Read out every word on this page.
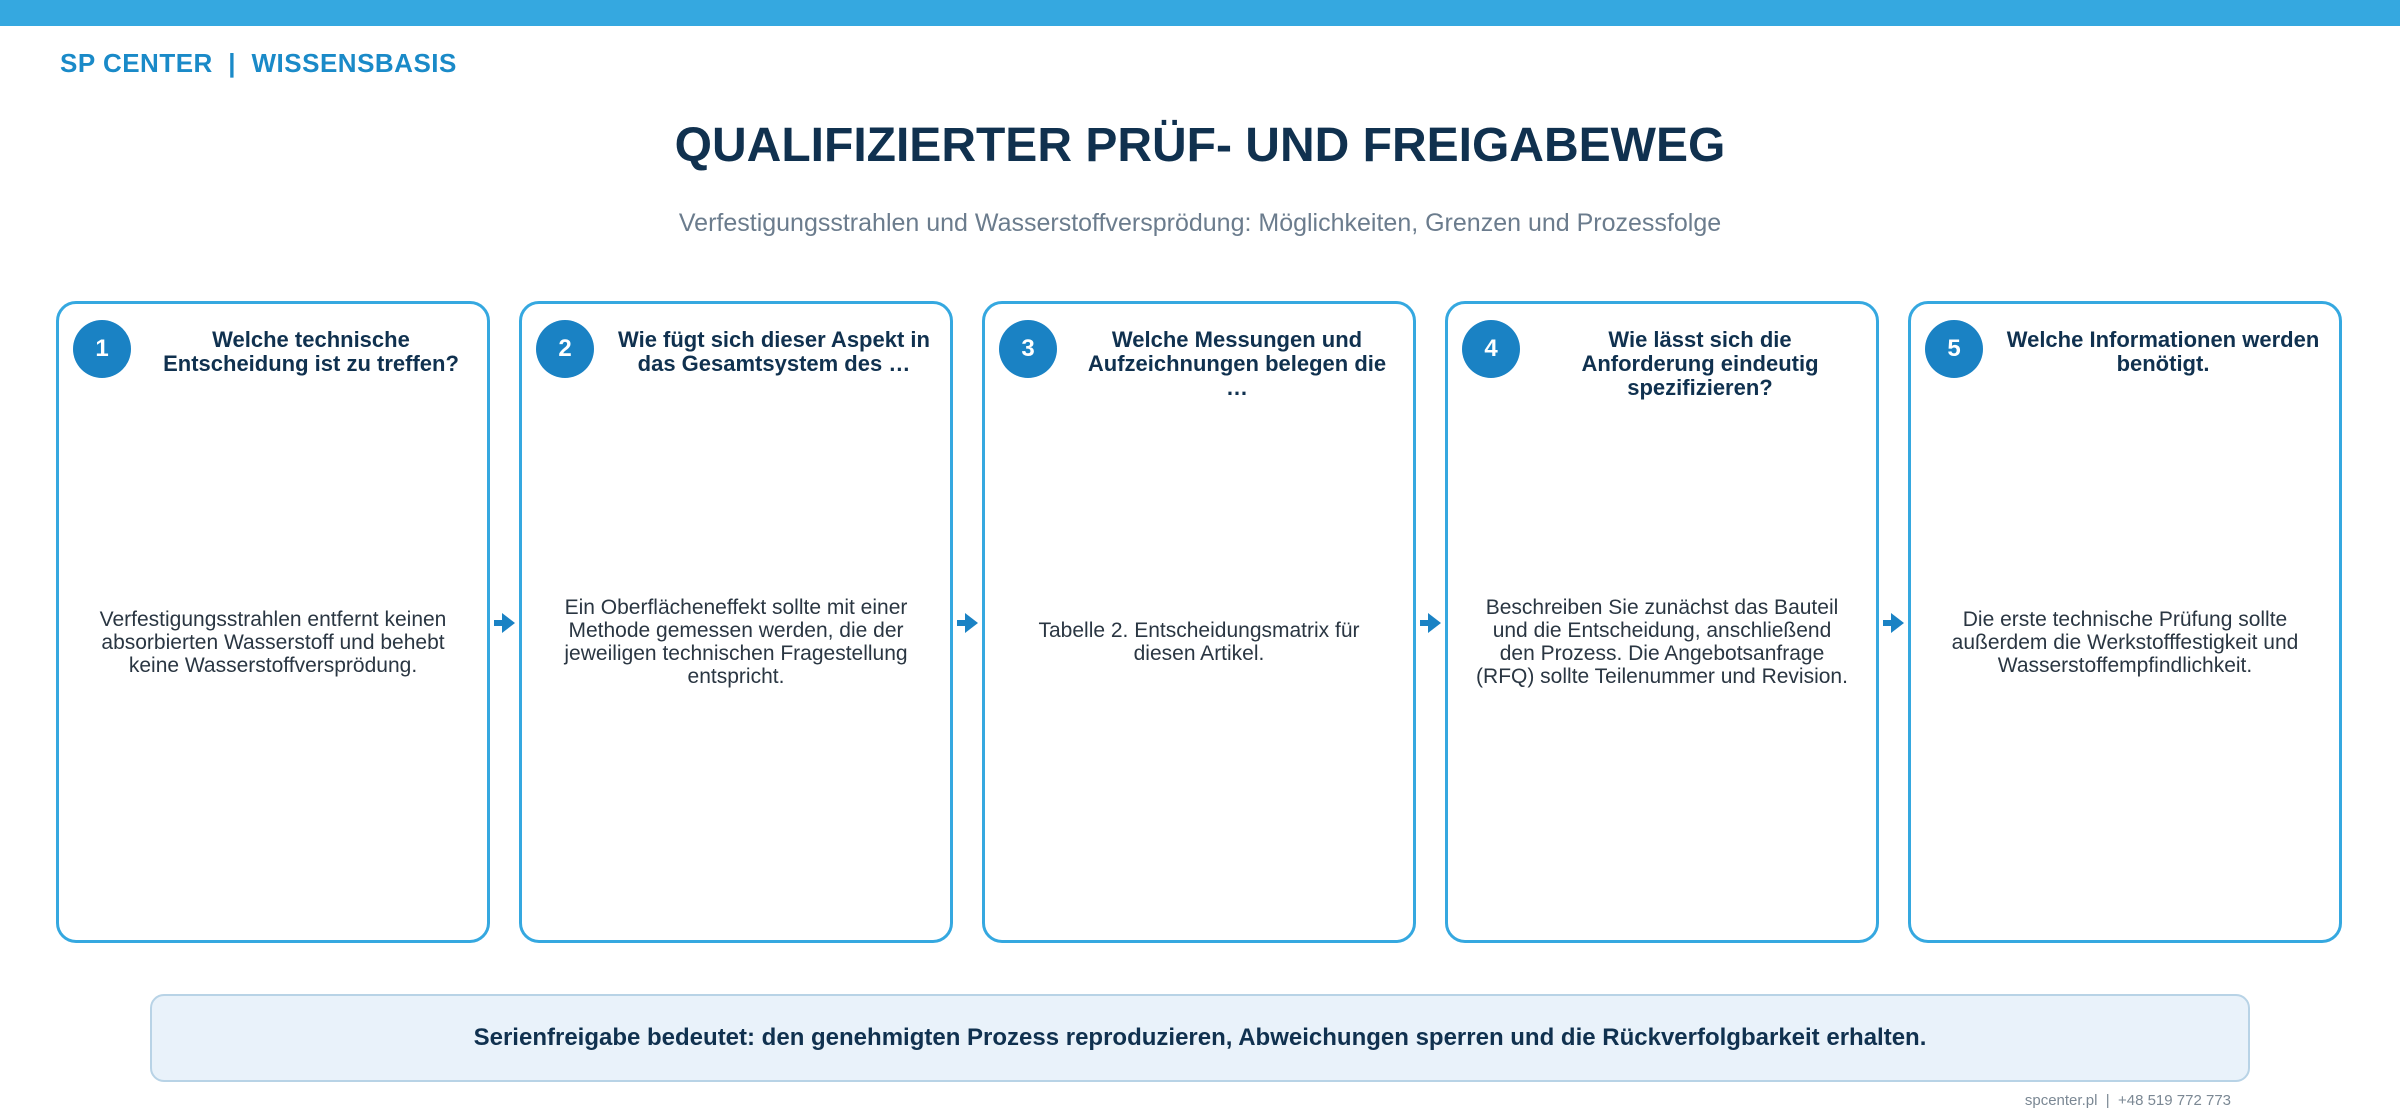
SP CENTER  |  WISSENSBASIS

QUALIFIZIERTER PRÜF- UND FREIGABEWEG

Verfestigungsstrahlen und Wasserstoffversprödung: Möglichkeiten, Grenzen und Prozessfolge

1	Welche technische Entscheidung ist zu treffen?
Verfestigungsstrahlen entfernt keinen absorbierten Wasserstoff und behebt keine Wasserstoffversprödung.
2	Wie fügt sich dieser Aspekt in das Gesamtsystem des …
Ein Oberflächeneffekt sollte mit einer Methode gemessen werden, die der jeweiligen technischen Fragestellung entspricht.
3	Welche Messungen und Aufzeichnungen belegen die …
Tabelle 2. Entscheidungsmatrix für diesen Artikel.
4	Wie lässt sich die Anforderung eindeutig spezifizieren?
Beschreiben Sie zunächst das Bauteil und die Entscheidung, anschließend den Prozess. Die Angebotsanfrage (RFQ) sollte Teilenummer und Revision.
5	Welche Informationen werden benötigt.
Die erste technische Prüfung sollte außerdem die Werkstofffestigkeit und Wasserstoffempfindlichkeit.
Serienfreigabe bedeutet: den genehmigten Prozess reproduzieren, Abweichungen sperren und die Rückverfolgbarkeit erhalten.

spcenter.pl  |  +48 519 772 773
